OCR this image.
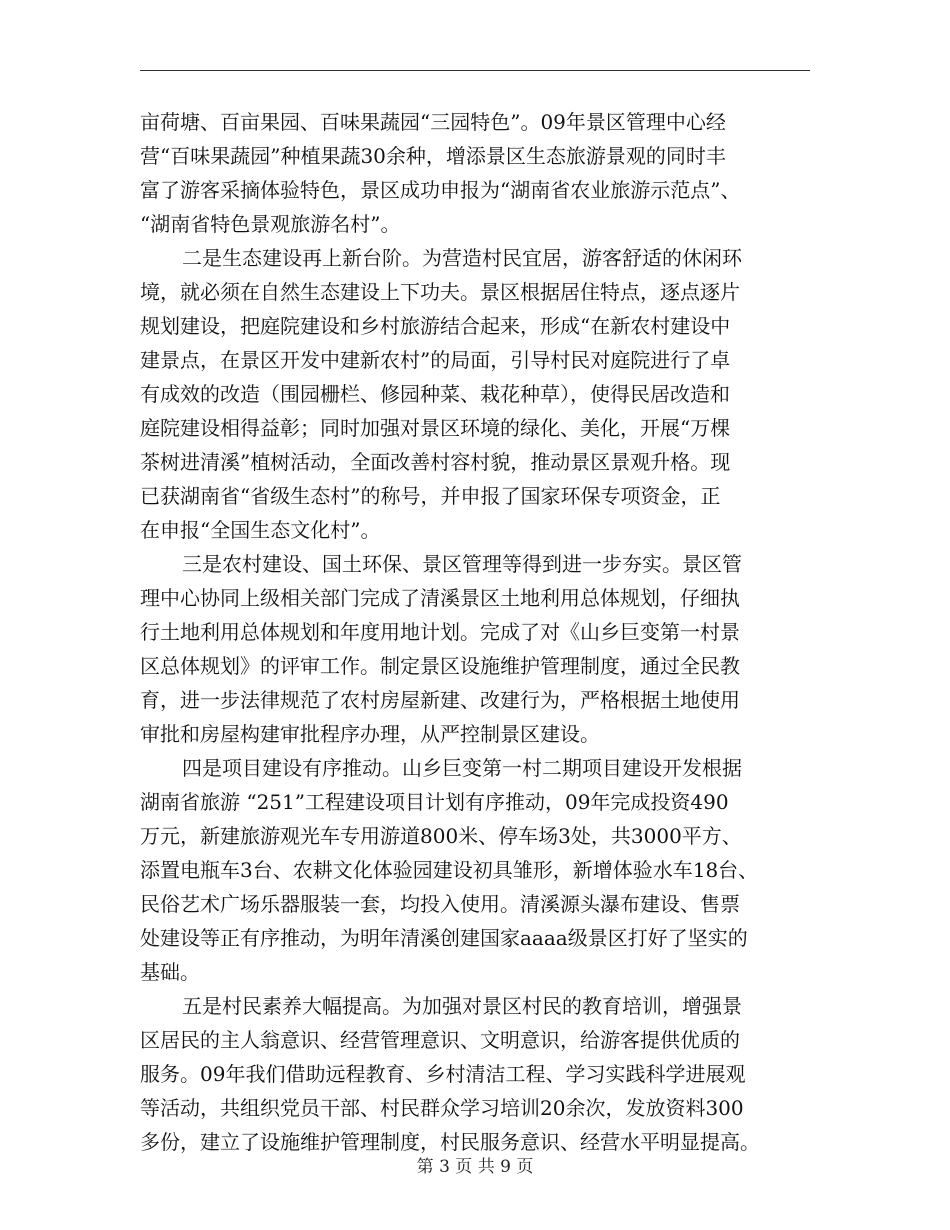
亩荷塘、百亩果园、百味果蔬园“三园特色”。09年景区管理中心经
营“百味果蔬园”种植果蔬30余种，增添景区生态旅游景观的同时丰
富了游客采摘体验特色，景区成功申报为“湖南省农业旅游示范点”、
“湖南省特色景观旅游名村”。
二是生态建设再上新台阶。为营造村民宜居，游客舒适的休闲环
境，就必须在自然生态建设上下功夫。景区根据居住特点，逐点逐片
规划建设，把庭院建设和乡村旅游结合起来，形成“在新农村建设中
建景点，在景区开发中建新农村”的局面，引导村民对庭院进行了卓
有成效的改造（围园栅栏、修园种菜、栽花种草），使得民居改造和
庭院建设相得益彰；同时加强对景区环境的绿化、美化，开展“万棵
茶树进清溪”植树活动，全面改善村容村貌，推动景区景观升格。现
已获湖南省“省级生态村”的称号，并申报了国家环保专项资金，正
在申报“全国生态文化村”。
三是农村建设、国土环保、景区管理等得到进一步夯实。景区管
理中心协同上级相关部门完成了清溪景区土地利用总体规划，仔细执
行土地利用总体规划和年度用地计划。完成了对《山乡巨变第一村景
区总体规划》的评审工作。制定景区设施维护管理制度，通过全民教
育，进一步法律规范了农村房屋新建、改建行为，严格根据土地使用
审批和房屋构建审批程序办理，从严控制景区建设。
四是项目建设有序推动。山乡巨变第一村二期项目建设开发根据
湖南省旅游 “251”工程建设项目计划有序推动，09年完成投资490
万元，新建旅游观光车专用游道800米、停车场3处，共3000平方、
添置电瓶车3台、农耕文化体验园建设初具雏形，新增体验水车18台、
民俗艺术广场乐器服装一套，均投入使用。清溪源头瀑布建设、售票
处建设等正有序推动，为明年清溪创建国家aaaa级景区打好了坚实的
基础。
五是村民素养大幅提高。为加强对景区村民的教育培训，增强景
区居民的主人翁意识、经营管理意识、文明意识，给游客提供优质的
服务。09年我们借助远程教育、乡村清洁工程、学习实践科学进展观
等活动，共组织党员干部、村民群众学习培训20余次，发放资料300
多份，建立了设施维护管理制度，村民服务意识、经营水平明显提高。
第 3 页 共 9 页
